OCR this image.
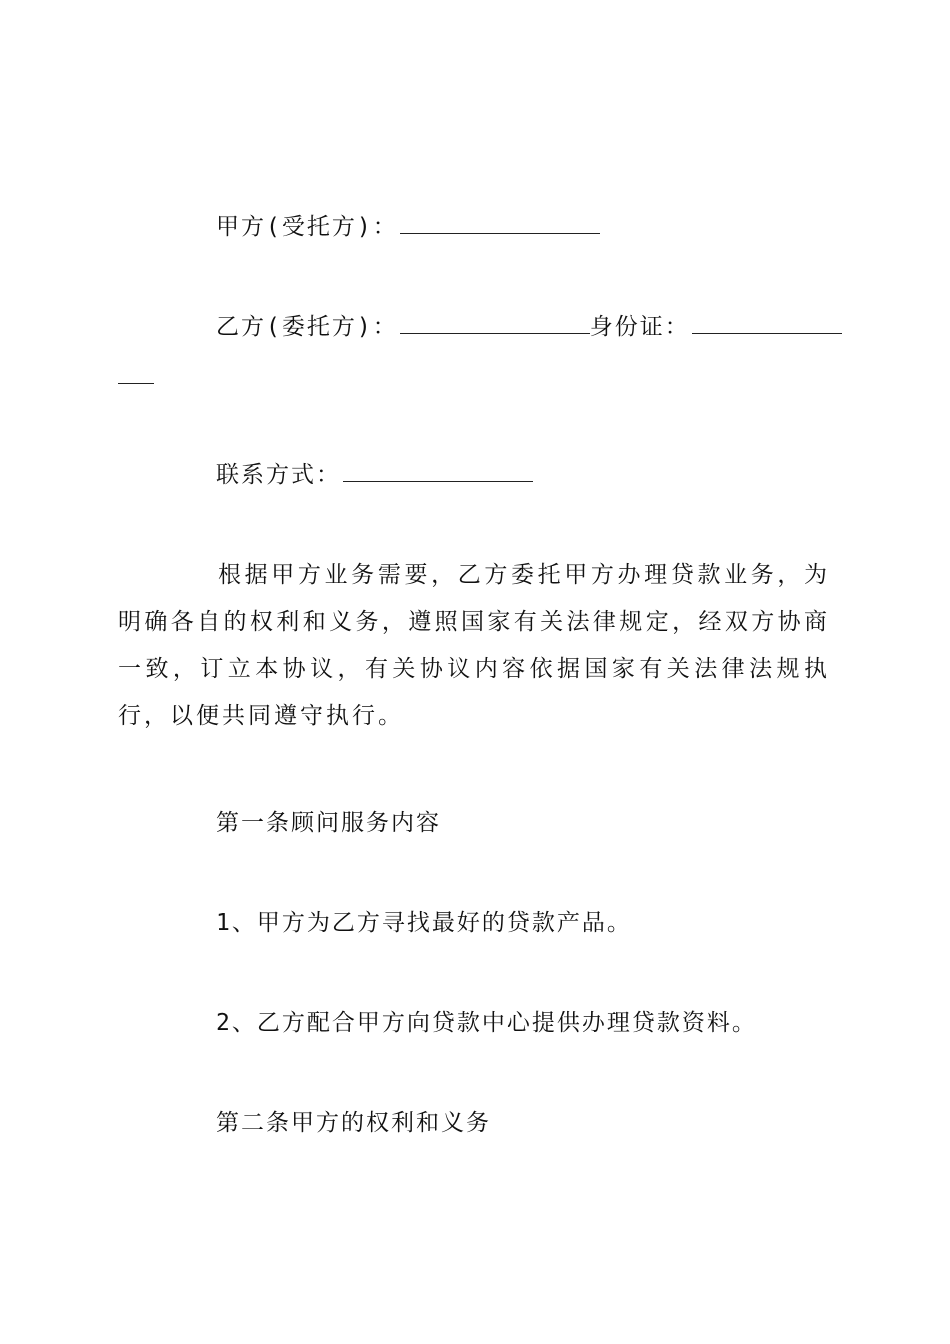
甲方(受托方)：
乙方(委托方)：	身份证：
联系方式：
根据甲方业务需要，乙方委托甲方办理贷款业务，为明确各自的权利和义务，遵照国家有关法律规定，经双方协商一致，订立本协议，有关协议内容依据国家有关法律法规执行，以便共同遵守执行。
第一条顾问服务内容
1、甲方为乙方寻找最好的贷款产品。
2、乙方配合甲方向贷款中心提供办理贷款资料。
第二条甲方的权利和义务
